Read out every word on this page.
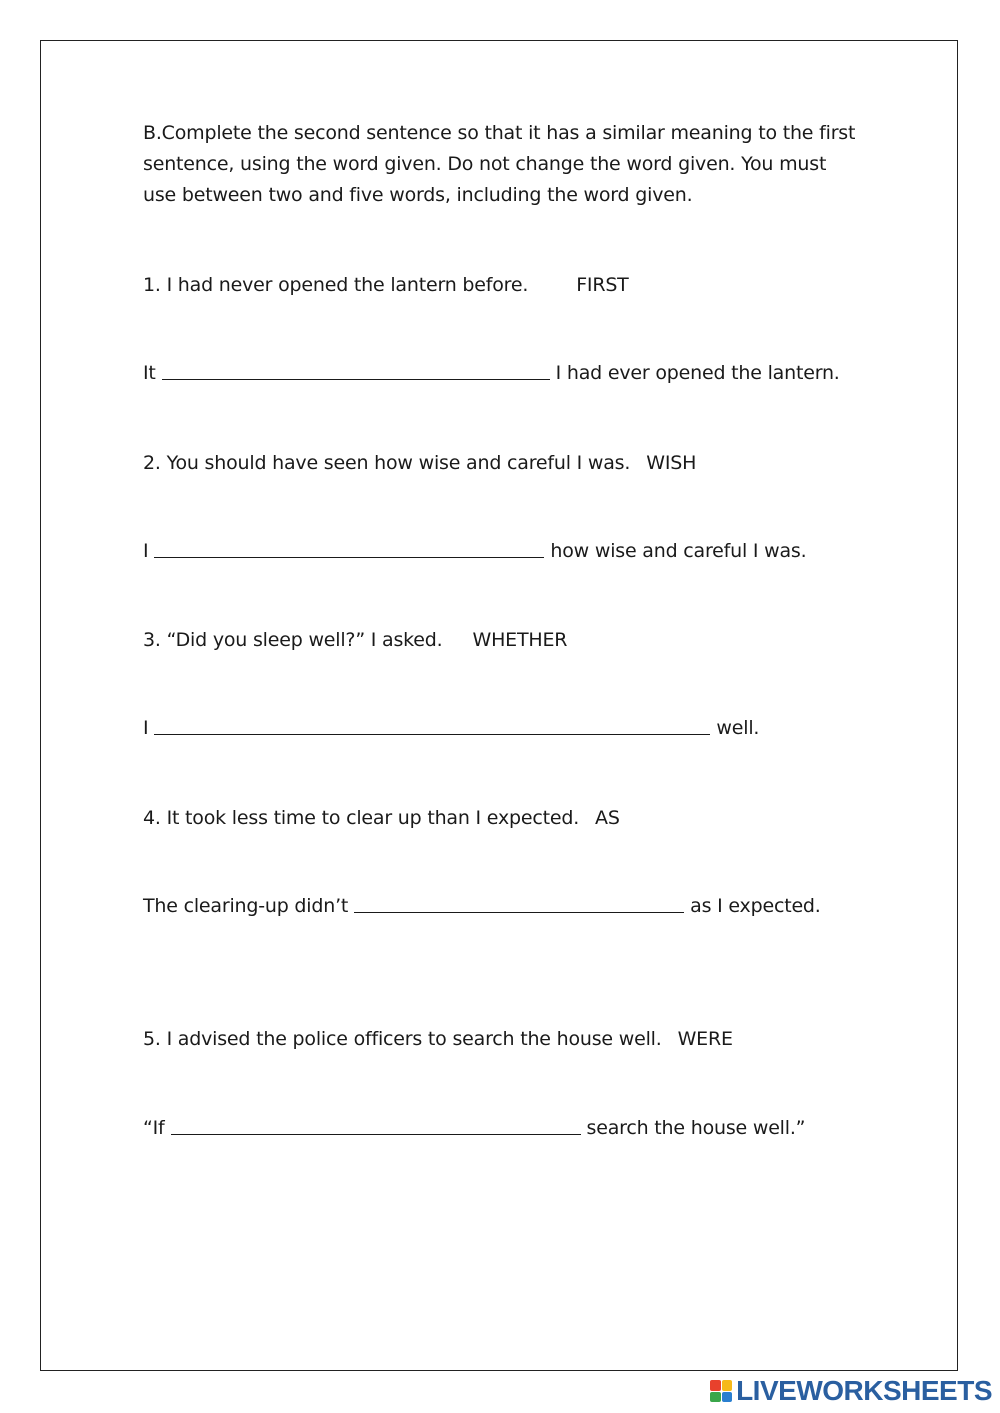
B.Complete the second sentence so that it has a similar meaning to the first sentence, using the word given. Do not change the word given. You must use between two and five words, including the word given.

1. I had never opened the lantern before.	FIRST
It	I had ever opened the lantern.
2. You should have seen how wise and careful I was. WISH
I	how wise and careful I was.
3. “Did you sleep well?” I asked. WHETHER
I	well.
4. It took less time to clear up than I expected. AS
The clearing-up didn’t	as I expected.
5. I advised the police officers to search the house well. WERE
“If	search the house well.”
LIVEWORKSHEETS
